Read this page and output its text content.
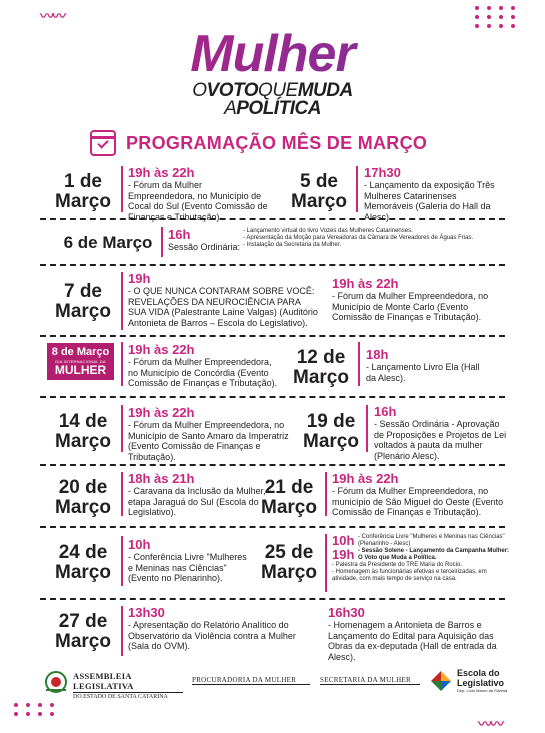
〰〰
〰〰
Mulher
OVOTOQUEMUDA
APOLÍTICA
PROGRAMAÇÃO MÊS DE MARÇO
1 de
Março
19h às 22h
- Fórum da Mulher Empreendedora, no Município de Cocal do Sul (Evento Comissão de Finanças e Tributação).
5 de
Março
17h30
- Lançamento da exposição Três Mulheres Catarinenses Memoráveis (Galeria do Hall da Alesc).
6 de Março	16h
Sessão Ordinária:
- Lançamento virtual do livro Vozes das Mulheres Catarinenses.
- Apresentação da Moção para Vereadoras da Câmara de Vereadores de Águas Frias.
- Instalação da Secretaria da Mulher.
7 de
Março
19h
- O QUE NUNCA CONTARAM SOBRE VOCÊ: REVELAÇÕES DA NEUROCIÊNCIA PARA SUA VIDA (Palestrante Laine Valgas) (Auditório Antonieta de Barros – Escola do Legislativo).
19h às 22h
- Fórum da Mulher Empreendedora, no Município de Monte Carlo (Evento Comissão de Finanças e Tributação).
8 de Março
DIA INTERNACIONAL DA
MULHER
19h às 22h
- Fórum da Mulher Empreendedora, no Município de Concórdia (Evento Comissão de Finanças e Tributação).
12 de
Março
18h
- Lançamento Livro Ela (Hall da Alesc).
14 de
Março
19h às 22h
- Fórum da Mulher Empreendedora, no Município de Santo Amaro da Imperatriz (Evento Comissão de Finanças e Tributação).
19 de
Março
16h
- Sessão Ordinária - Aprovação de Proposições e Projetos de Lei voltados à pauta da mulher (Plenário Alesc).
20 de
Março
18h às 21h
- Caravana da Inclusão da Mulher, etapa Jaraguá do Sul (Escola do Legislativo).
21 de
Março
19h às 22h
- Fórum da Mulher Empreendedora, no município de São Miguel do Oeste (Evento Comissão de Finanças e Tributação).
24 de
Março
10h
- Conferência Livre "Mulheres e Meninas nas Ciências" (Evento no Plenarinho).
25 de
Março
10h - Conferência Livre "Mulheres e Meninas nas Ciências" (Plenarinho - Alesc)
19h - Sessão Solene - Lançamento da Campanha Mulher: O Voto que Muda a Política.
- Palestra da Presidente do TRE Maria do Rocio.
- Homenagem às funcionárias efetivas e terceirizadas, em atividade, com mais tempo de serviço na casa.
27 de
Março
13h30
- Apresentação do Relatório Analítico do Observatório da Violência contra a Mulher (Sala do OVM).
16h30
- Homenagem a Antonieta de Barros e Lançamento do Edital para Aquisição das Obras da ex-deputada (Hall de entrada da Alesc).
ASSEMBLEIA LEGISLATIVA
DO ESTADO DE SANTA CATARINA
PROCURADORIA DA MULHER	SECRETARIA DA MULHER
Escola do
Legislativo
Dep. Lício Mauro da Silveira
